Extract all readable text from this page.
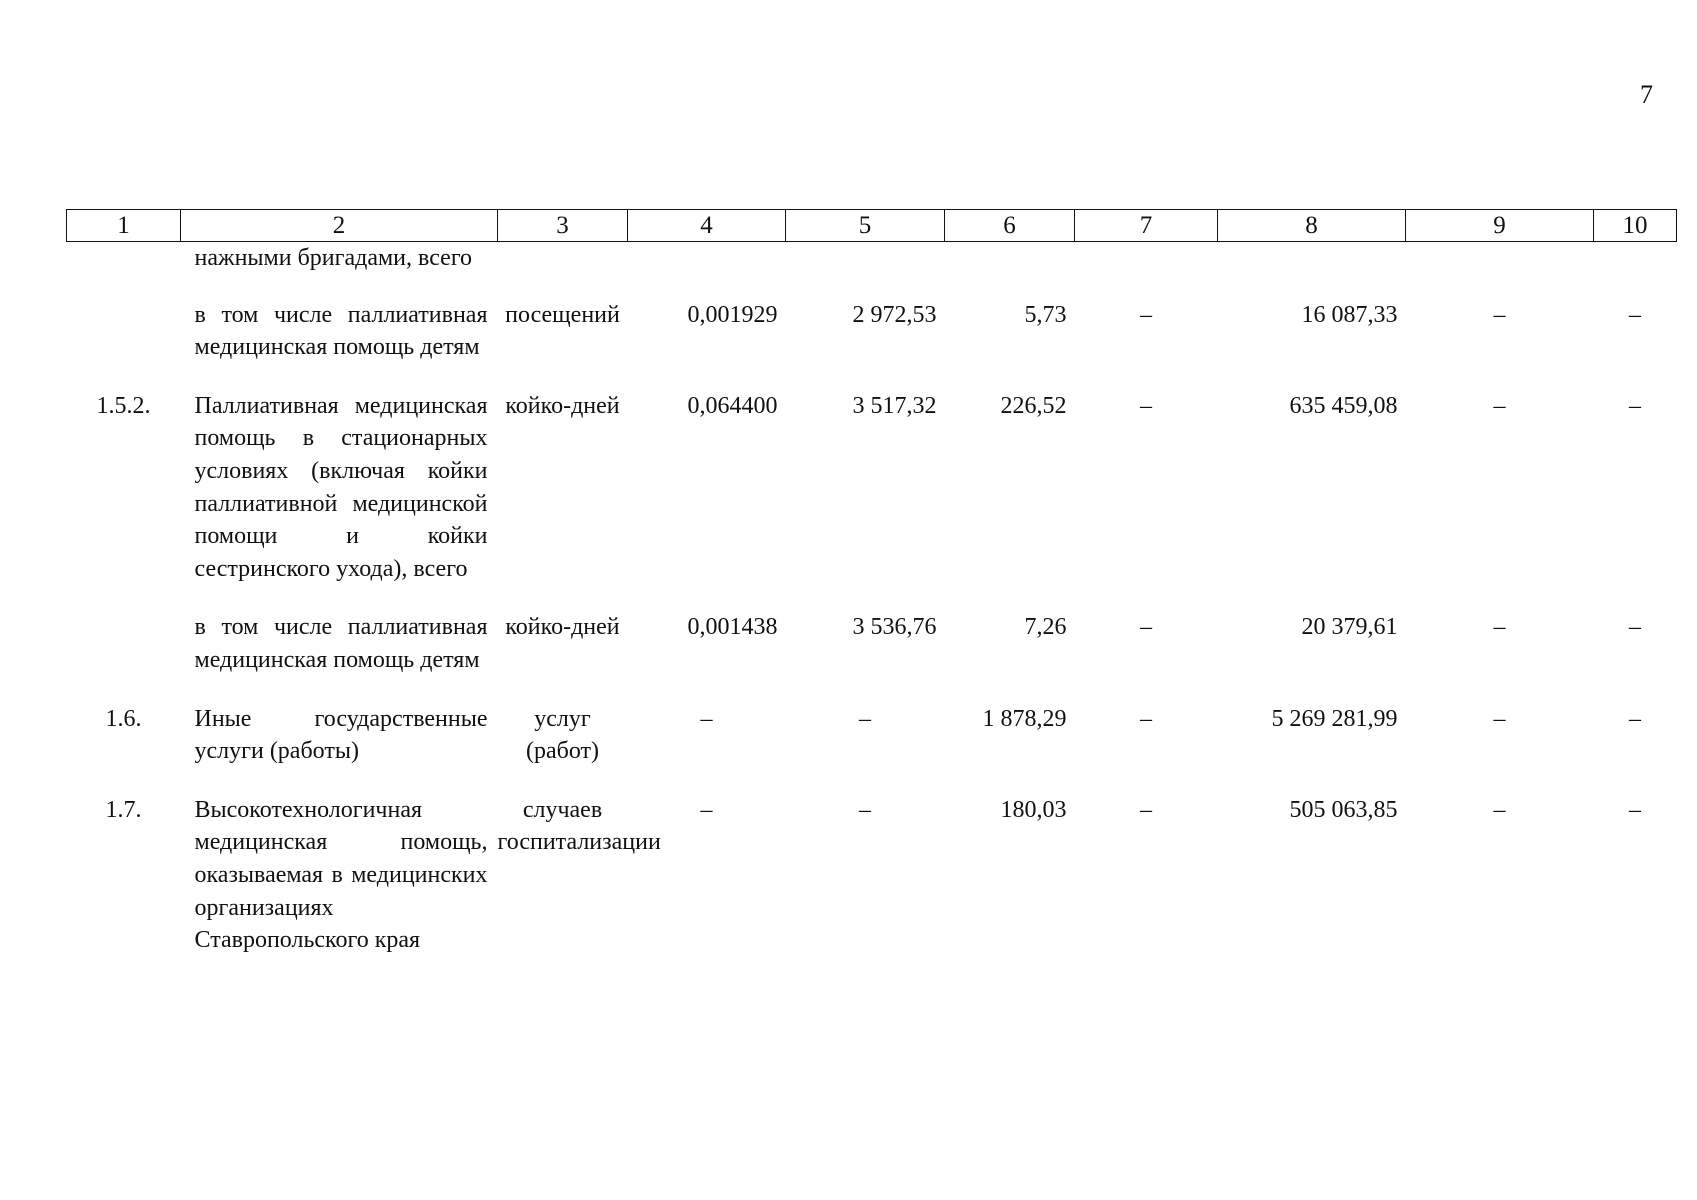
7
1	2	3	4	5	6	7	8	9	10
	нажными бригадами, всего								
	в том числе паллиативная медицинская помощь детям	посещений	0,001929	2 972,53	5,73	–	16 087,33	–	–
1.5.2.	Паллиативная медицинская помощь в стационарных условиях (включая койки паллиативной медицинской помощи и койки сестринского ухода), всего	койко-дней	0,064400	3 517,32	226,52	–	635 459,08	–	–
	в том числе паллиативная медицинская помощь детям	койко-дней	0,001438	3 536,76	7,26	–	20 379,61	–	–
1.6.	Иные государственные услуги (работы)	услуг (работ)	–	–	1 878,29	–	5 269 281,99	–	–
1.7.	Высокотехнологичная медицинская помощь, оказываемая в медицинских организациях Ставропольского края	случаев госпитализации	–	–	180,03	–	505 063,85	–	–
